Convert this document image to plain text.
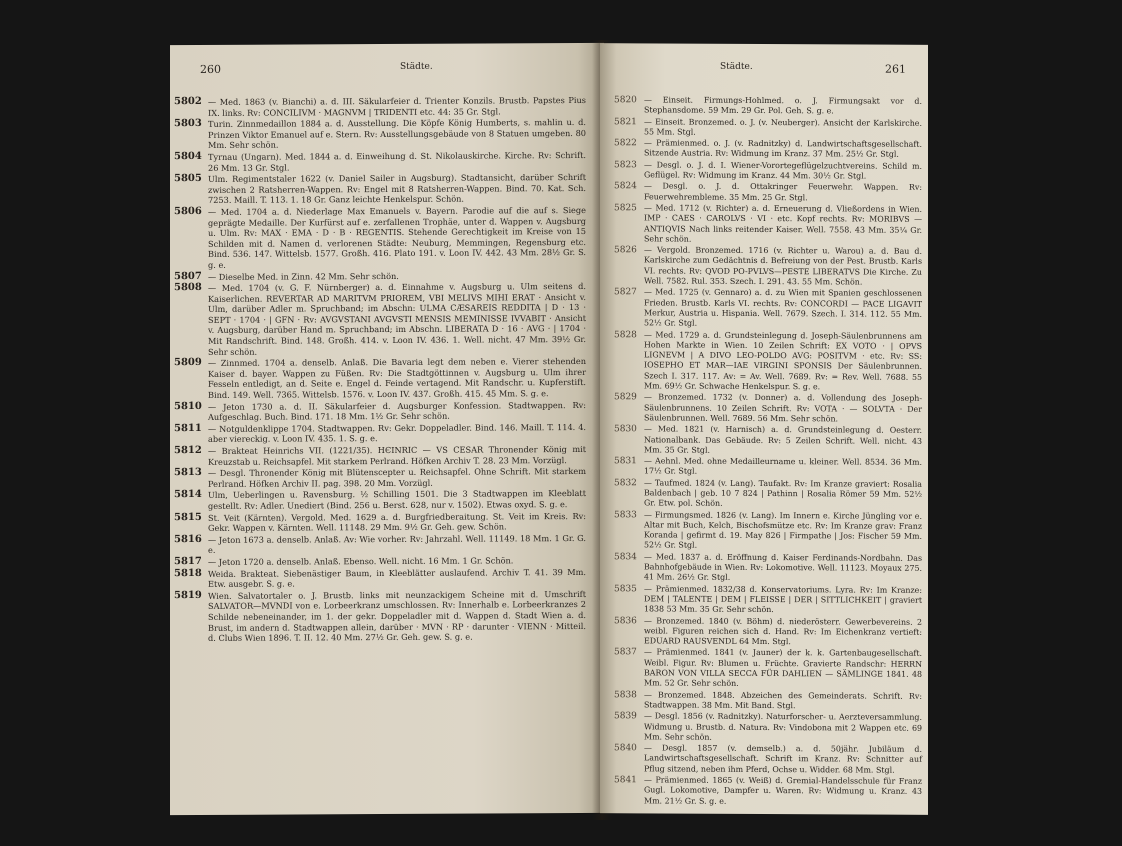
260	Städte.
5802 — Med. 1863 (v. Bianchi) a. d. III. Säkularfeier d. Trienter Konzils. Brustb. Papstes Pius IX. links. Rv: CONCILIVM · MAGNVM | TRIDENTI etc. 44: 35 Gr. Stgl.
5803 Turin. Zinnmedaillon 1884 a. d. Ausstellung. Die Köpfe König Humberts, s. mahlin u. d. Prinzen Viktor Emanuel auf e. Stern. Rv: Ausstellungsgebäude von 8 Statuen umgeben. 80 Mm. Sehr schön.
5804 Tyrnau (Ungarn). Med. 1844 a. d. Einweihung d. St. Nikolauskirche. Kirche. Rv: Schrift. 26 Mm. 13 Gr. Stgl.
5805 Ulm. Regimentstaler 1622 (v. Daniel Sailer in Augsburg). Stadtansicht, darüber Schrift zwischen 2 Ratsherren-Wappen. Rv: Engel mit 8 Ratsherren-Wappen. Bind. 70. Kat. Sch. 7253. Maill. T. 113. 1. 18 Gr. Ganz leichte Henkelspur. Schön.
5806 — Med. 1704 a. d. Niederlage Max Emanuels v. Bayern. Parodie auf die auf s. Siege geprägte Medaille. Der Kurfürst auf e. zerfallenen Trophäe, unter d. Wappen v. Augsburg u. Ulm. Rv: MAX · EMA · D · B · REGENTIS. Stehende Gerechtigkeit im Kreise von 15 Schilden mit d. Namen d. verlorenen Städte: Neuburg, Memmingen, Regensburg etc. Bind. 536. 147. Wittelsb. 1577. Großh. 416. Plato 191. v. Loon IV. 442. 43 Mm. 28½ Gr. S. g. e.
5807 — Dieselbe Med. in Zinn. 42 Mm. Sehr schön.
5808 — Med. 1704 (v. G. F. Nürnberger) a. d. Einnahme v. Augsburg u. Ulm seitens d. Kaiserlichen. REVERTAR AD MARITVM PRIOREM, VBI MELIVS MIHI ERAT · Ansicht v. Ulm, darüber Adler m. Spruchband; im Abschn: ULMA CÆSAREIS REDDITA | D · 13 · SEPT · 1704 · | GFN · Rv: AVGVSTANI AVGVSTI MENSIS MEMINISSE IVVABIT · Ansicht v. Augsburg, darüber Hand m. Spruchband; im Abschn. LIBERATA D · 16 · AVG · | 1704 · Mit Randschrift. Bind. 148. Großh. 414. v. Loon IV. 436. 1. Well. nicht. 47 Mm. 39½ Gr. Sehr schön.
5809 — Zinnmed. 1704 a. denselb. Anlaß. Die Bavaria legt dem neben e. Vierer stehenden Kaiser d. bayer. Wappen zu Füßen. Rv: Die Stadtgöttinnen v. Augsburg u. Ulm ihrer Fesseln entledigt, an d. Seite e. Engel d. Feinde vertagend. Mit Randschr. u. Kupferstift. Bind. 149. Well. 7365. Wittelsb. 1576. v. Loon IV. 437. Großh. 415. 45 Mm. S. g. e.
5810 — Jeton 1730 a. d. II. Säkularfeier d. Augsburger Konfession. Stadtwappen. Rv: Aufgeschlag. Buch. Bind. 171. 18 Mm. 1½ Gr. Sehr schön.
5811 — Notguldenklippe 1704. Stadtwappen. Rv: Gekr. Doppeladler. Bind. 146. Maill. T. 114. 4. aber viereckig. v. Loon IV. 435. 1. S. g. e.
5812 — Brakteat Heinrichs VII. (1221/35). HЄINRIC — VS CESAR Thronender König mit Kreuzstab u. Reichsapfel. Mit starkem Perlrand. Höfken Archiv T. 28. 23 Mm. Vorzügl.
5813 — Desgl. Thronender König mit Blütenscepter u. Reichsapfel. Ohne Schrift. Mit starkem Perlrand. Höfken Archiv II. pag. 398. 20 Mm. Vorzügl.
5814 Ulm, Ueberlingen u. Ravensburg. ½ Schilling 1501. Die 3 Stadtwappen im Kleeblatt gestellt. Rv: Adler. Unediert (Bind. 256 u. Berst. 628, nur v. 1502). Etwas oxyd. S. g. e.
5815 St. Veit (Kärnten). Vergold. Med. 1629 a. d. Burgfriedberaitung. St. Veit im Kreis. Rv: Gekr. Wappen v. Kärnten. Well. 11148. 29 Mm. 9½ Gr. Geh. gew. Schön.
5816 — Jeton 1673 a. denselb. Anlaß. Av: Wie vorher. Rv: Jahrzahl. Well. 11149. 18 Mm. 1 Gr. G. e.
5817 — Jeton 1720 a. denselb. Anlaß. Ebenso. Well. nicht. 16 Mm. 1 Gr. Schön.
5818 Weida. Brakteat. Siebenästiger Baum, in Kleeblätter auslaufend. Archiv T. 41. 39 Mm. Etw. ausgebr. S. g. e.
5819 Wien. Salvatortaler o. J. Brustb. links mit neunzackigem Scheine mit d. Umschrift SALVATOR—MVNDI von e. Lorbeerkranz umschlossen. Rv: Innerhalb e. Lorbeerkranzes 2 Schilde nebeneinander, im 1. der gekr. Doppeladler mit d. Wappen d. Stadt Wien a. d. Brust, im andern d. Stadtwappen allein, darüber · MVN · RP · darunter · VIENN · Mitteil. d. Clubs Wien 1896. T. II. 12. 40 Mm. 27½ Gr. Geh. gew. S. g. e.
Städte.	261
5820 — Einseit. Firmungs-Hohlmed. o. J. Firmungsakt vor d. Stephansdome. 59 Mm. 29 Gr. Pol. Geh. S. g. e.
5821 — Einseit. Bronzemed. o. J. (v. Neuberger). Ansicht der Karlskirche. 55 Mm. Stgl.
5822 — Prämienmed. o. J. (v. Radnitzky) d. Landwirtschaftsgesellschaft. Sitzende Austria. Rv: Widmung im Kranz. 37 Mm. 25½ Gr. Stgl.
5823 — Desgl. o. J. d. I. Wiener-Vorortegeflügelzuchtvereins. Schild m. Geflügel. Rv: Widmung im Kranz. 44 Mm. 30½ Gr. Stgl.
5824 — Desgl. o. J. d. Ottakringer Feuerwehr. Wappen. Rv: Feuerwehrembleme. 35 Mm. 25 Gr. Stgl.
5825 — Med. 1712 (v. Richter) a. d. Erneuerung d. Vließordens in Wien. IMP · CAES · CAROLVS · VI · etc. Kopf rechts. Rv: MORIBVS — ANTIQVIS Nach links reitender Kaiser. Well. 7558. 43 Mm. 35¼ Gr. Sehr schön.
5826 — Vergold. Bronzemed. 1716 (v. Richter u. Warou) a. d. Bau d. Karlskirche zum Gedächtnis d. Befreiung von der Pest. Brustb. Karls VI. rechts. Rv: QVOD PO-PVLVS—PESTE LIBERATVS Die Kirche. Zu Well. 7582. Rul. 353. Szech. I. 291. 43. 55 Mm. Schön.
5827 — Med. 1725 (v. Gennaro) a. d. zu Wien mit Spanien geschlossenen Frieden. Brustb. Karls VI. rechts. Rv: CONCORDI — PACE LIGAVIT Merkur, Austria u. Hispania. Well. 7679. Szech. I. 314. 112. 55 Mm. 52½ Gr. Stgl.
5828 — Med. 1729 a. d. Grundsteinlegung d. Joseph-Säulenbrunnens am Hohen Markte in Wien. 10 Zeilen Schrift: EX VOTO · | OPVS LIGNEVM | A DIVO LEO-POLDO AVG: POSITVM · etc. Rv: SS: IOSEPHO ET MAR—IAE VIRGINI SPONSIS Der Säulenbrunnen. Szech I. 317. 117. Av: = Av. Well. 7689. Rv: = Rev. Well. 7688. 55 Mm. 69½ Gr. Schwache Henkelspur. S. g. e.
5829 — Bronzemed. 1732 (v. Donner) a. d. Vollendung des Joseph-Säulenbrunnens. 10 Zeilen Schrift. Rv: VOTA · — SOLVTA · Der Säulenbrunnen. Well. 7689. 56 Mm. Sehr schön.
5830 — Med. 1821 (v. Harnisch) a. d. Grundsteinlegung d. Oesterr. Nationalbank. Das Gebäude. Rv: 5 Zeilen Schrift. Well. nicht. 43 Mm. 35 Gr. Stgl.
5831 — Aehnl. Med. ohne Medailleurname u. kleiner. Well. 8534. 36 Mm. 17½ Gr. Stgl.
5832 — Taufmed. 1824 (v. Lang). Taufakt. Rv: Im Kranze graviert: Rosalia Baldenbach | geb. 10 7 824 | Pathinn | Rosalia Römer 59 Mm. 52½ Gr. Etw. pol. Schön.
5833 — Firmungsmed. 1826 (v. Lang). Im Innern e. Kirche Jüngling vor e. Altar mit Buch, Kelch, Bischofsmütze etc. Rv: Im Kranze grav: Franz Koranda | gefirmt d. 19. May 826 | Firmpathe | Jos: Fischer 59 Mm. 52½ Gr. Stgl.
5834 — Med. 1837 a. d. Eröffnung d. Kaiser Ferdinands-Nordbahn. Das Bahnhofgebäude in Wien. Rv: Lokomotive. Well. 11123. Moyaux 275. 41 Mm. 26½ Gr. Stgl.
5835 — Prämienmed. 1832/38 d. Konservatoriums. Lyra. Rv: Im Kranze: DEM | TALENTE | DEM | FLEISSE | DER | SITTLICHKEIT | graviert 1838 53 Mm. 35 Gr. Sehr schön.
5836 — Bronzemed. 1840 (v. Böhm) d. niederösterr. Gewerbevereins. 2 weibl. Figuren reichen sich d. Hand. Rv: Im Eichenkranz vertieft: EDUARD RAUSVENDL 64 Mm. Stgl.
5837 — Prämienmed. 1841 (v. Jauner) der k. k. Gartenbaugesellschaft. Weibl. Figur. Rv: Blumen u. Früchte. Gravierte Randschr: HERRN BARON VON VILLA SECCA FÜR DAHLIEN — SÄMLINGE 1841. 48 Mm. 52 Gr. Sehr schön.
5838 — Bronzemed. 1848. Abzeichen des Gemeinderats. Schrift. Rv: Stadtwappen. 38 Mm. Mit Band. Stgl.
5839 — Desgl. 1856 (v. Radnitzky). Naturforscher- u. Aerzteversammlung. Widmung u. Brustb. d. Natura. Rv: Vindobona mit 2 Wappen etc. 69 Mm. Sehr schön.
5840 — Desgl. 1857 (v. demselb.) a. d. 50jähr. Jubiläum d. Landwirtschaftsgesellschaft. Schrift im Kranz. Rv: Schnitter auf Pflug sitzend, neben ihm Pferd, Ochse u. Widder. 68 Mm. Stgl.
5841 — Prämienmed. 1865 (v. Weiß) d. Gremial-Handelsschule für Franz Gugl. Lokomotive, Dampfer u. Waren. Rv: Widmung u. Kranz. 43 Mm. 21½ Gr. S. g. e.
